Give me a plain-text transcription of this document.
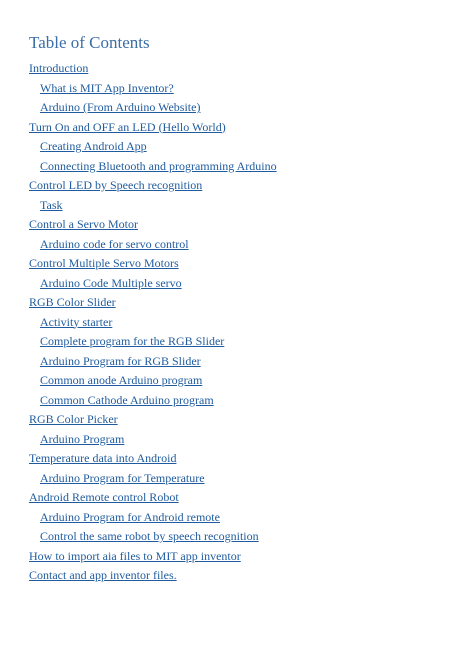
Table of Contents
Introduction
What is MIT App Inventor?
Arduino (From Arduino Website)
Turn On and OFF an LED (Hello World)
Creating Android App
Connecting Bluetooth and programming Arduino
Control LED by Speech recognition
Task
Control a Servo Motor
Arduino code for servo control
Control Multiple Servo Motors
Arduino Code Multiple servo
RGB Color Slider
Activity starter
Complete program for the RGB Slider
Arduino Program for RGB Slider
Common anode Arduino program
Common Cathode Arduino program
RGB Color Picker
Arduino Program
Temperature data into Android
Arduino Program for Temperature
Android Remote control Robot
Arduino Program for Android remote
Control the same robot by speech recognition
How to import aia files to MIT app inventor
Contact and app inventor files.
